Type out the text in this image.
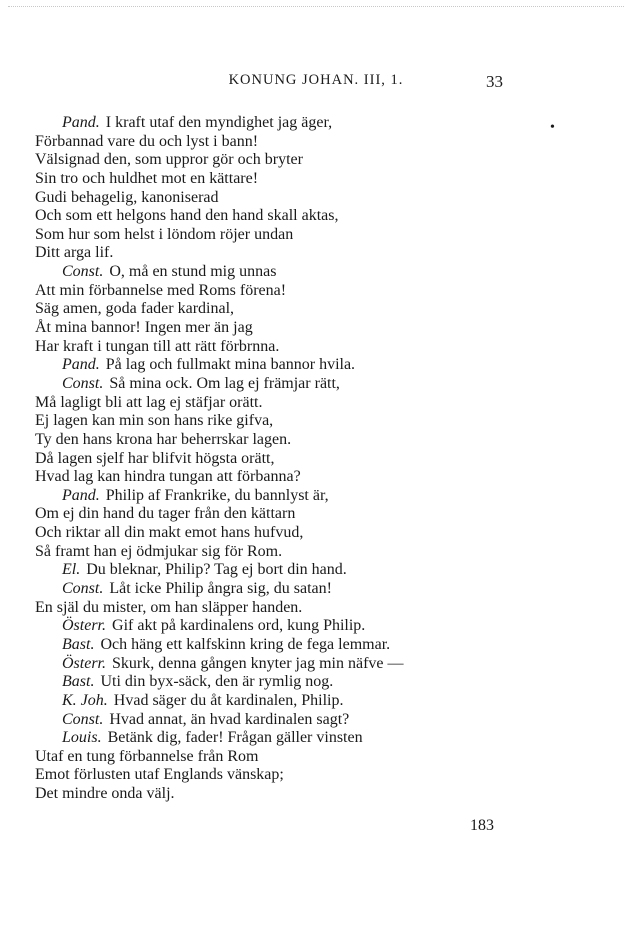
KONUNG JOHAN. III, 1.	33
•
Pand. I kraft utaf den myndighet jag äger,
Förbannad vare du och lyst i bann!
Välsignad den, som uppror gör och bryter
Sin tro och huldhet mot en kättare!
Gudi behagelig, kanoniserad
Och som ett helgons hand den hand skall aktas,
Som hur som helst i löndom röjer undan
Ditt arga lif.
Const. O, må en stund mig unnas
Att min förbannelse med Roms förena!
Säg amen, goda fader kardinal,
Åt mina bannor! Ingen mer än jag
Har kraft i tungan till att rätt förbrnna.
Pand. På lag och fullmakt mina bannor hvila.
Const. Så mina ock. Om lag ej främjar rätt,
Må lagligt bli att lag ej stäfjar orätt.
Ej lagen kan min son hans rike gifva,
Ty den hans krona har beherrskar lagen.
Då lagen sjelf har blifvit högsta orätt,
Hvad lag kan hindra tungan att förbanna?
Pand. Philip af Frankrike, du bannlyst är,
Om ej din hand du tager från den kättarn
Och riktar all din makt emot hans hufvud,
Så framt han ej ödmjukar sig för Rom.
El. Du bleknar, Philip? Tag ej bort din hand.
Const. Låt icke Philip ångra sig, du satan!
En själ du mister, om han släpper handen.
Österr. Gif akt på kardinalens ord, kung Philip.
Bast. Och häng ett kalfskinn kring de fega lemmar.
Österr. Skurk, denna gången knyter jag min näfve —
Bast. Uti din byx-säck, den är rymlig nog.
K. Joh. Hvad säger du åt kardinalen, Philip.
Const. Hvad annat, än hvad kardinalen sagt?
Louis. Betänk dig, fader! Frågan gäller vinsten
Utaf en tung förbannelse från Rom
Emot förlusten utaf Englands vänskap;
Det mindre onda välj.
183
